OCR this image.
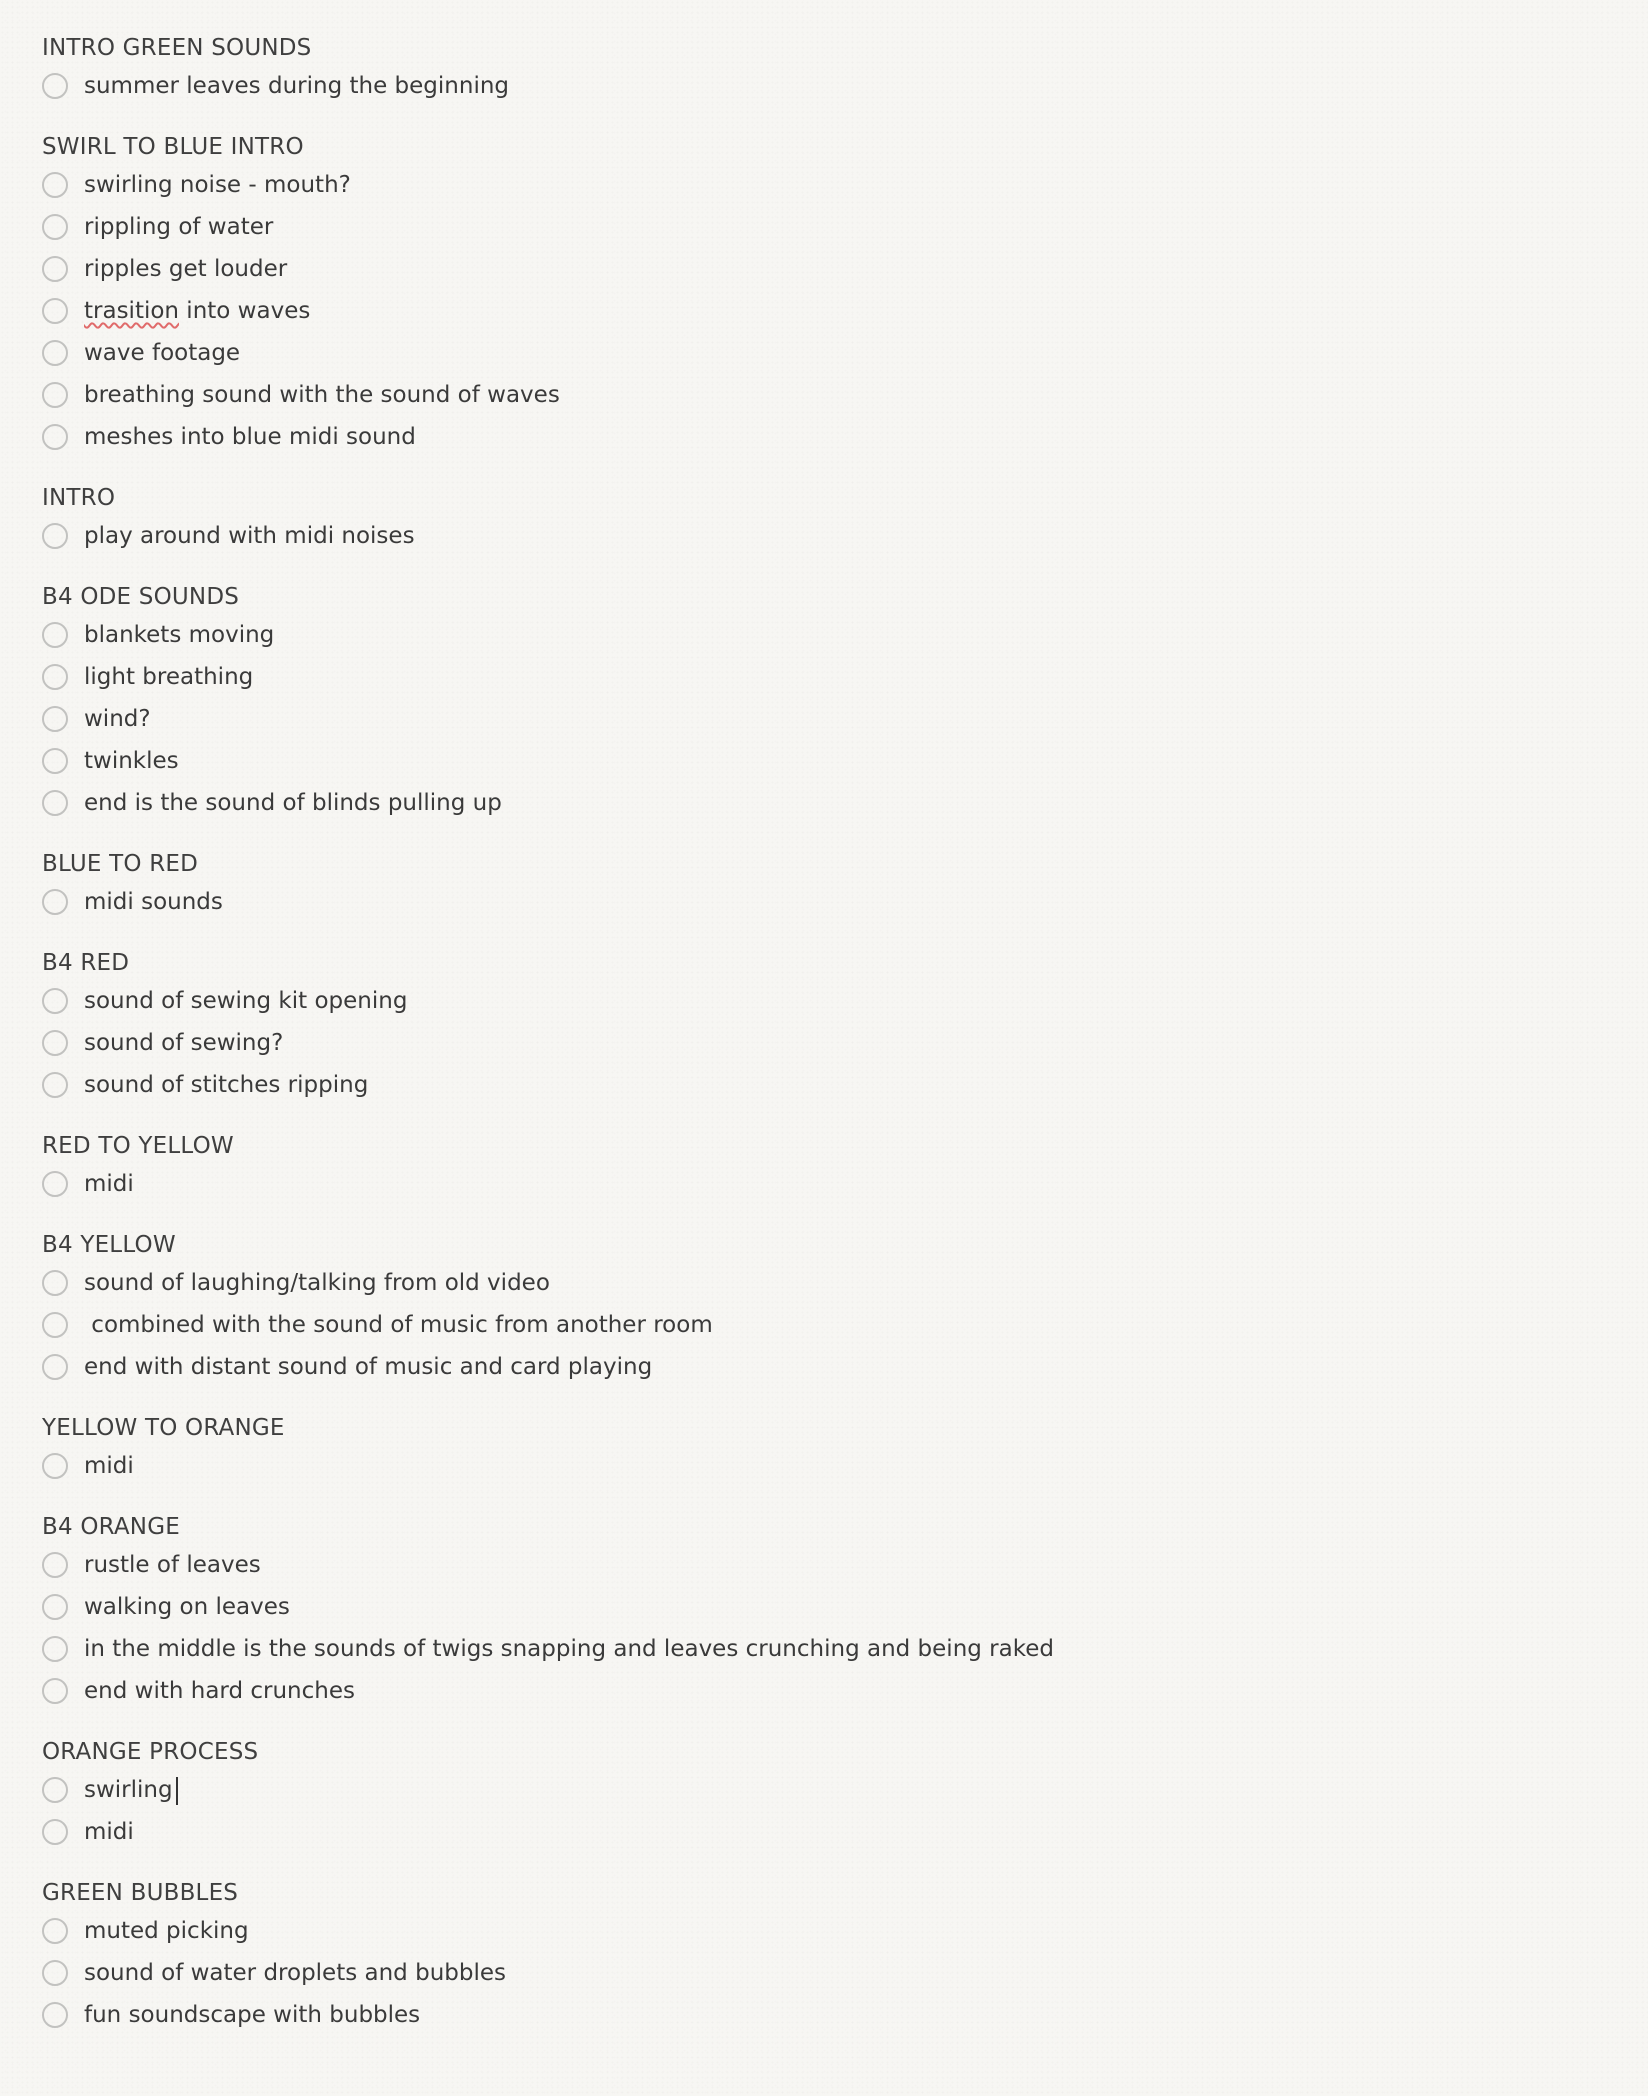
INTRO GREEN SOUNDS
summer leaves during the beginning
SWIRL TO BLUE INTRO
swirling noise - mouth?
rippling of water
ripples get louder
trasition into waves
wave footage
breathing sound with the sound of waves
meshes into blue midi sound
INTRO
play around with midi noises
B4 ODE SOUNDS
blankets moving
light breathing
wind?
twinkles
end is the sound of blinds pulling up
BLUE TO RED
midi sounds
B4 RED
sound of sewing kit opening
sound of sewing?
sound of stitches ripping
RED TO YELLOW
midi
B4 YELLOW
sound of laughing/talking from old video
combined with the sound of music from another room
end with distant sound of music and card playing
YELLOW TO ORANGE
midi
B4 ORANGE
rustle of leaves
walking on leaves
in the middle is the sounds of twigs snapping and leaves crunching and being raked
end with hard crunches
ORANGE PROCESS
swirling
midi
GREEN BUBBLES
muted picking
sound of water droplets and bubbles
fun soundscape with bubbles
